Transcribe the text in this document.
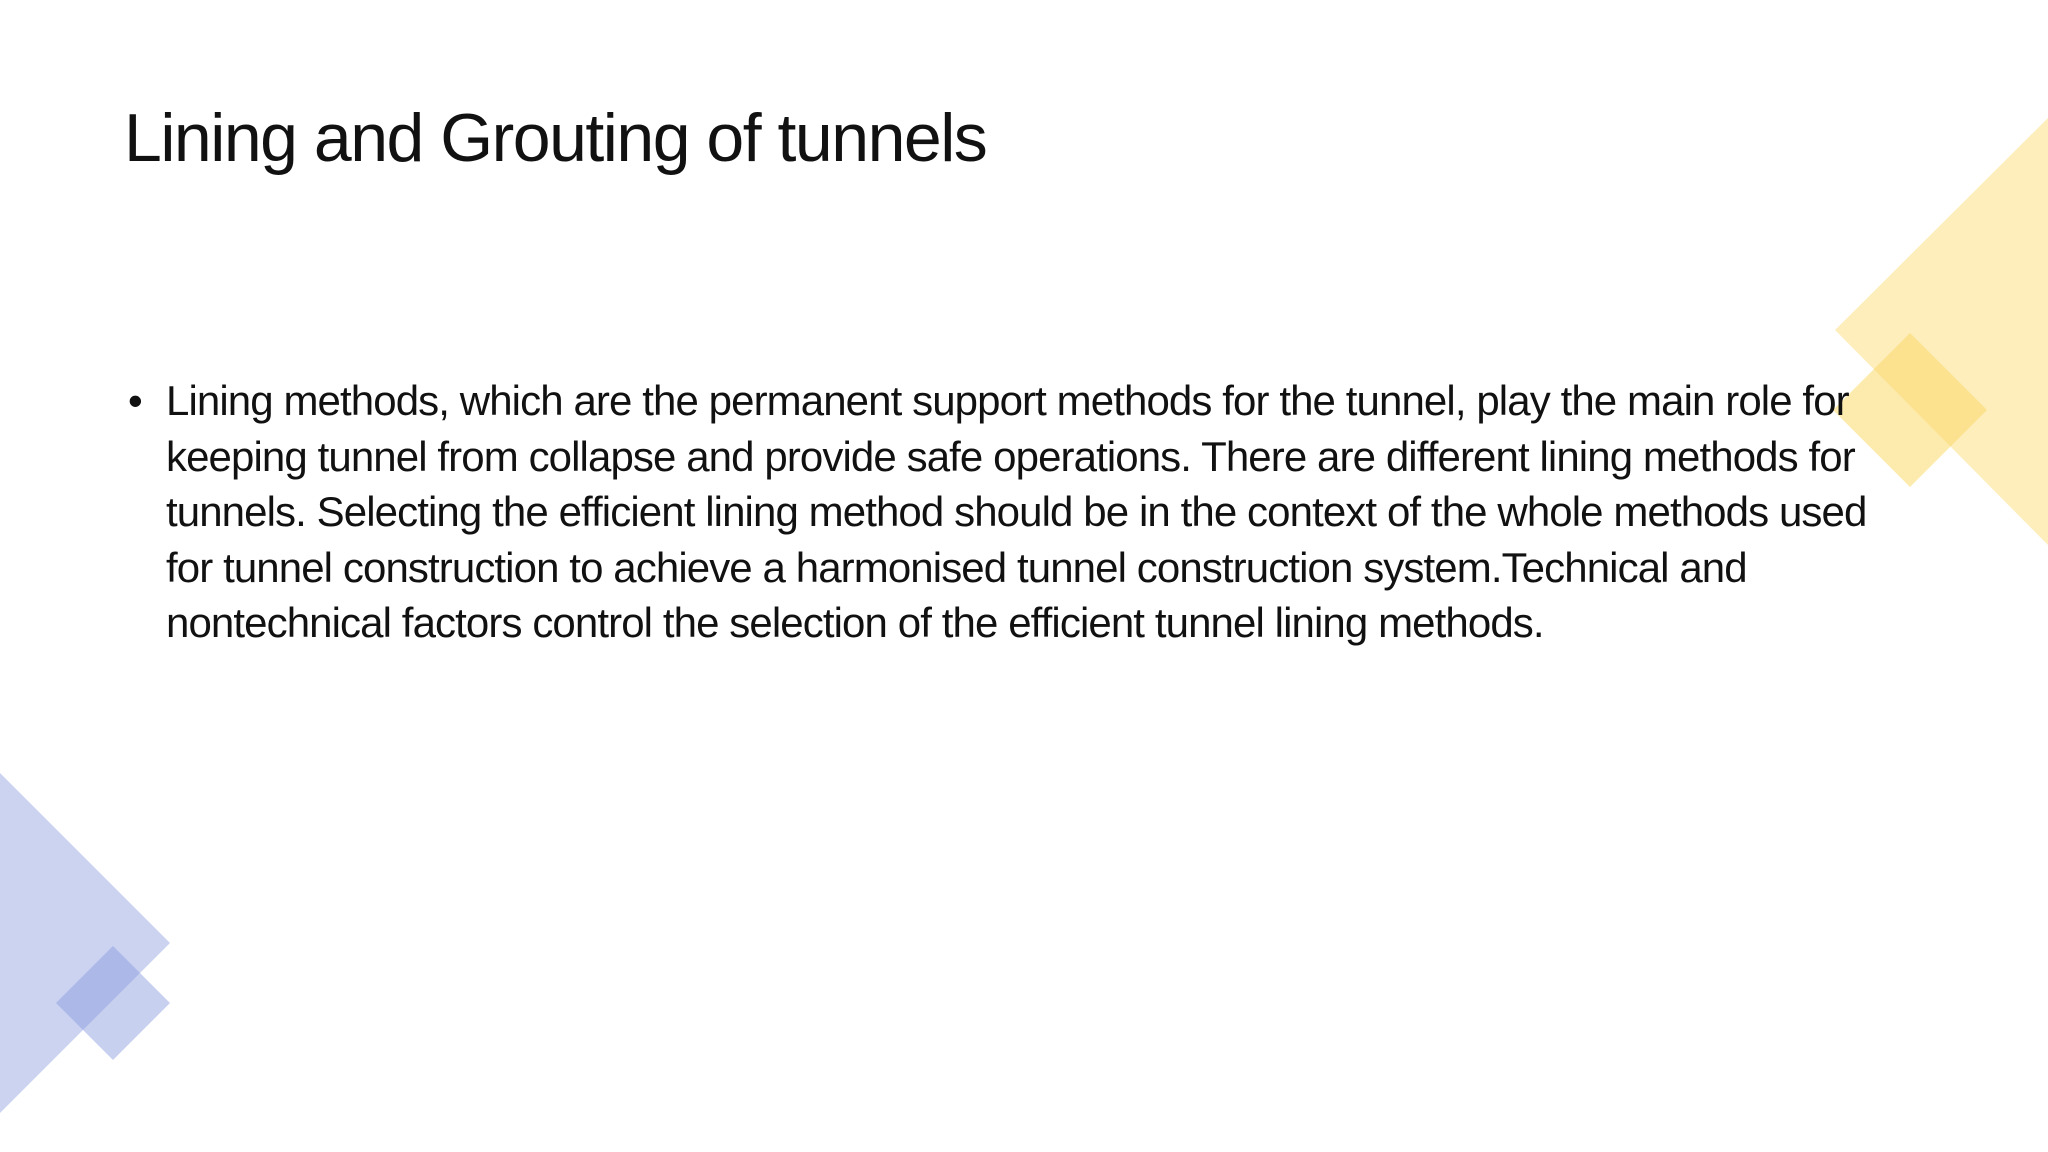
Lining and Grouting of tunnels
• Lining methods, which are the permanent support methods for the tunnel, play the main role for keeping tunnel from collapse and provide safe operations. There are different lining methods for tunnels. Selecting the efficient lining method should be in the context of the whole methods used for tunnel construction to achieve a harmonised tunnel construction system.Technical and nontechnical factors control the selection of the efficient tunnel lining methods.
